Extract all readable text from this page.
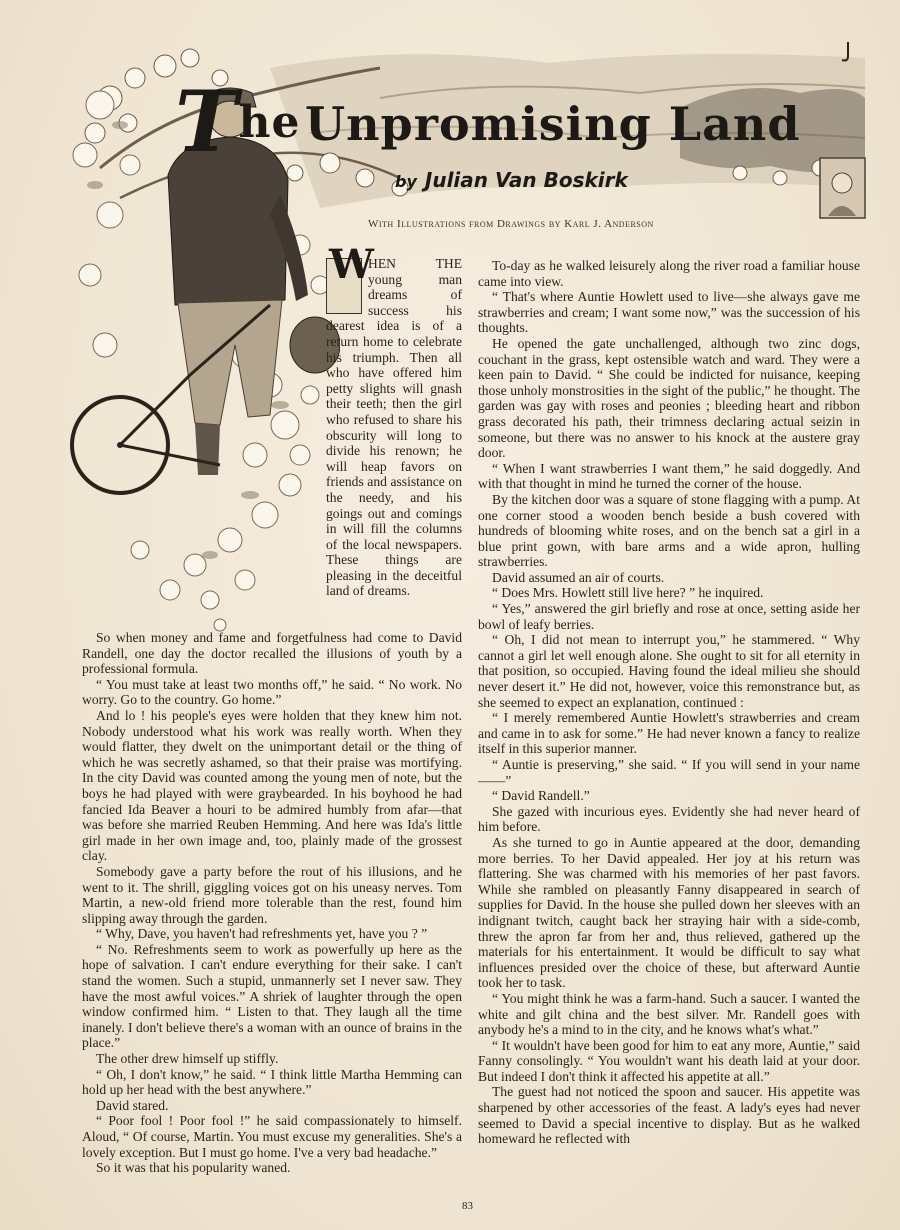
The Unpromising Land
by Julian Van Boskirk
With Illustrations from Drawings by Karl J. Anderson
W

HEN THE young man dreams of success his dearest idea is of a return home to celebrate his triumph. Then all who have offered him petty slights will gnash their teeth; then the girl who refused to share his obscurity will long to divide his renown; he will heap favors on friends and assistance on the needy, and his goings out and comings in will fill the columns of the local newspapers. These things are pleasing in the deceitful land of dreams.

So when money and fame and forgetfulness had come to David Randell, one day the doctor recalled the illusions of youth by a professional formula.

“ You must take at least two months off,” he said. “ No work. No worry. Go to the country. Go home.”

And lo ! his people's eyes were holden that they knew him not. Nobody understood what his work was really worth. When they would flatter, they dwelt on the unimportant detail or the thing of which he was secretly ashamed, so that their praise was mortifying. In the city David was counted among the young men of note, but the boys he had played with were graybearded. In his boyhood he had fancied Ida Beaver a houri to be admired humbly from afar—that was before she married Reuben Hemming. And here was Ida's little girl made in her own image and, too, plainly made of the grossest clay.

Somebody gave a party before the rout of his illusions, and he went to it. The shrill, giggling voices got on his uneasy nerves. Tom Martin, a new-old friend more tolerable than the rest, found him slipping away through the garden.

“ Why, Dave, you haven't had refreshments yet, have you ? ”

“ No. Refreshments seem to work as powerfully up here as the hope of salvation. I can't endure everything for their sake. I can't stand the women. Such a stupid, unmannerly set I never saw. They have the most awful voices.” A shriek of laughter through the open window confirmed him. “ Listen to that. They laugh all the time inanely. I don't believe there's a woman with an ounce of brains in the place.”

The other drew himself up stiffly.

“ Oh, I don't know,” he said. “ I think little Martha Hemming can hold up her head with the best anywhere.”

David stared.

“ Poor fool ! Poor fool !” he said compassionately to himself. Aloud, “ Of course, Martin. You must excuse my generalities. She's a lovely exception. But I must go home. I've a very bad headache.”

So it was that his popularity waned.

To-day as he walked leisurely along the river road a familiar house came into view.

“ That's where Auntie Howlett used to live—she always gave me strawberries and cream; I want some now,” was the succession of his thoughts.

He opened the gate unchallenged, although two zinc dogs, couchant in the grass, kept ostensible watch and ward. They were a keen pain to David. “ She could be indicted for nuisance, keeping those unholy monstrosities in the sight of the public,” he thought. The garden was gay with roses and peonies ; bleeding heart and ribbon grass decorated his path, their trimness declaring actual seizin in someone, but there was no answer to his knock at the austere gray door.

“ When I want strawberries I want them,” he said doggedly. And with that thought in mind he turned the corner of the house.

By the kitchen door was a square of stone flagging with a pump. At one corner stood a wooden bench beside a bush covered with hundreds of blooming white roses, and on the bench sat a girl in a blue print gown, with bare arms and a wide apron, hulling strawberries.

David assumed an air of courts.

“ Does Mrs. Howlett still live here? ” he inquired.

“ Yes,” answered the girl briefly and rose at once, setting aside her bowl of leafy berries.

“ Oh, I did not mean to interrupt you,” he stammered. “ Why cannot a girl let well enough alone. She ought to sit for all eternity in that position, so occupied. Having found the ideal milieu she should never desert it.” He did not, however, voice this remonstrance but, as she seemed to expect an explanation, continued :

“ I merely remembered Auntie Howlett's strawberries and cream and came in to ask for some.” He had never known a fancy to realize itself in this superior manner.

“ Auntie is preserving,” she said. “ If you will send in your name——”

“ David Randell.”

She gazed with incurious eyes. Evidently she had never heard of him before.

As she turned to go in Auntie appeared at the door, demanding more berries. To her David appealed. Her joy at his return was flattering. She was charmed with his memories of her past favors. While she rambled on pleasantly Fanny disappeared in search of supplies for David. In the house she pulled down her sleeves with an indignant twitch, caught back her straying hair with a side-comb, threw the apron far from her and, thus relieved, gathered up the materials for his entertainment. It would be difficult to say what influences presided over the choice of these, but afterward Auntie took her to task.

“ You might think he was a farm-hand. Such a saucer. I wanted the white and gilt china and the best silver. Mr. Randell goes with anybody he's a mind to in the city, and he knows what's what.”

“ It wouldn't have been good for him to eat any more, Auntie,” said Fanny consolingly. “ You wouldn't want his death laid at your door. But indeed I don't think it affected his appetite at all.”

The guest had not noticed the spoon and saucer. His appetite was sharpened by other accessories of the feast. A lady's eyes had never seemed to David a special incentive to display. But as he walked homeward he reflected with

83
